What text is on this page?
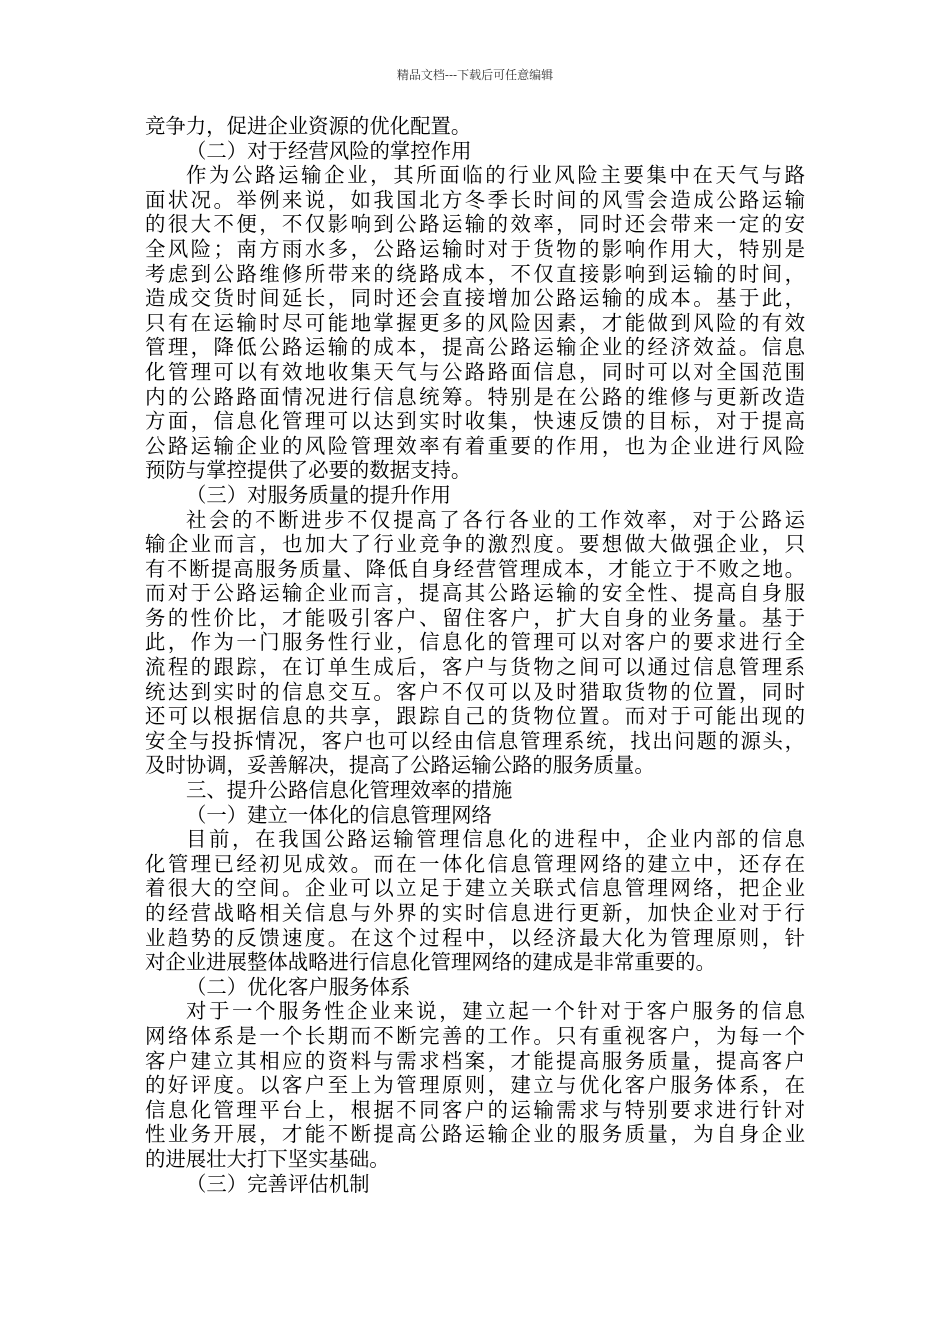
精品文档---下载后可任意编辑
竞争力，促进企业资源的优化配置。
（二）对于经营风险的掌控作用
作为公路运输企业，其所面临的行业风险主要集中在天气与路
面状况。举例来说，如我国北方冬季长时间的风雪会造成公路运输
的很大不便，不仅影响到公路运输的效率，同时还会带来一定的安
全风险；南方雨水多，公路运输时对于货物的影响作用大，特别是
考虑到公路维修所带来的绕路成本，不仅直接影响到运输的时间，
造成交货时间延长，同时还会直接增加公路运输的成本。基于此，
只有在运输时尽可能地掌握更多的风险因素，才能做到风险的有效
管理，降低公路运输的成本，提高公路运输企业的经济效益。信息
化管理可以有效地收集天气与公路路面信息，同时可以对全国范围
内的公路路面情况进行信息统筹。特别是在公路的维修与更新改造
方面，信息化管理可以达到实时收集，快速反馈的目标，对于提高
公路运输企业的风险管理效率有着重要的作用，也为企业进行风险
预防与掌控提供了必要的数据支持。
（三）对服务质量的提升作用
社会的不断进步不仅提高了各行各业的工作效率，对于公路运
输企业而言，也加大了行业竞争的激烈度。要想做大做强企业，只
有不断提高服务质量、降低自身经营管理成本，才能立于不败之地。
而对于公路运输企业而言，提高其公路运输的安全性、提高自身服
务的性价比，才能吸引客户、留住客户，扩大自身的业务量。基于
此，作为一门服务性行业，信息化的管理可以对客户的要求进行全
流程的跟踪，在订单生成后，客户与货物之间可以通过信息管理系
统达到实时的信息交互。客户不仅可以及时猎取货物的位置，同时
还可以根据信息的共享，跟踪自己的货物位置。而对于可能出现的
安全与投拆情况，客户也可以经由信息管理系统，找出问题的源头，
及时协调，妥善解决，提高了公路运输公路的服务质量。
三、提升公路信息化管理效率的措施
（一）建立一体化的信息管理网络
目前，在我国公路运输管理信息化的进程中，企业内部的信息
化管理已经初见成效。而在一体化信息管理网络的建立中，还存在
着很大的空间。企业可以立足于建立关联式信息管理网络，把企业
的经营战略相关信息与外界的实时信息进行更新，加快企业对于行
业趋势的反馈速度。在这个过程中，以经济最大化为管理原则，针
对企业进展整体战略进行信息化管理网络的建成是非常重要的。
（二）优化客户服务体系
对于一个服务性企业来说，建立起一个针对于客户服务的信息
网络体系是一个长期而不断完善的工作。只有重视客户，为每一个
客户建立其相应的资料与需求档案，才能提高服务质量，提高客户
的好评度。以客户至上为管理原则，建立与优化客户服务体系，在
信息化管理平台上，根据不同客户的运输需求与特别要求进行针对
性业务开展，才能不断提高公路运输企业的服务质量，为自身企业
的进展壮大打下坚实基础。
（三）完善评估机制
